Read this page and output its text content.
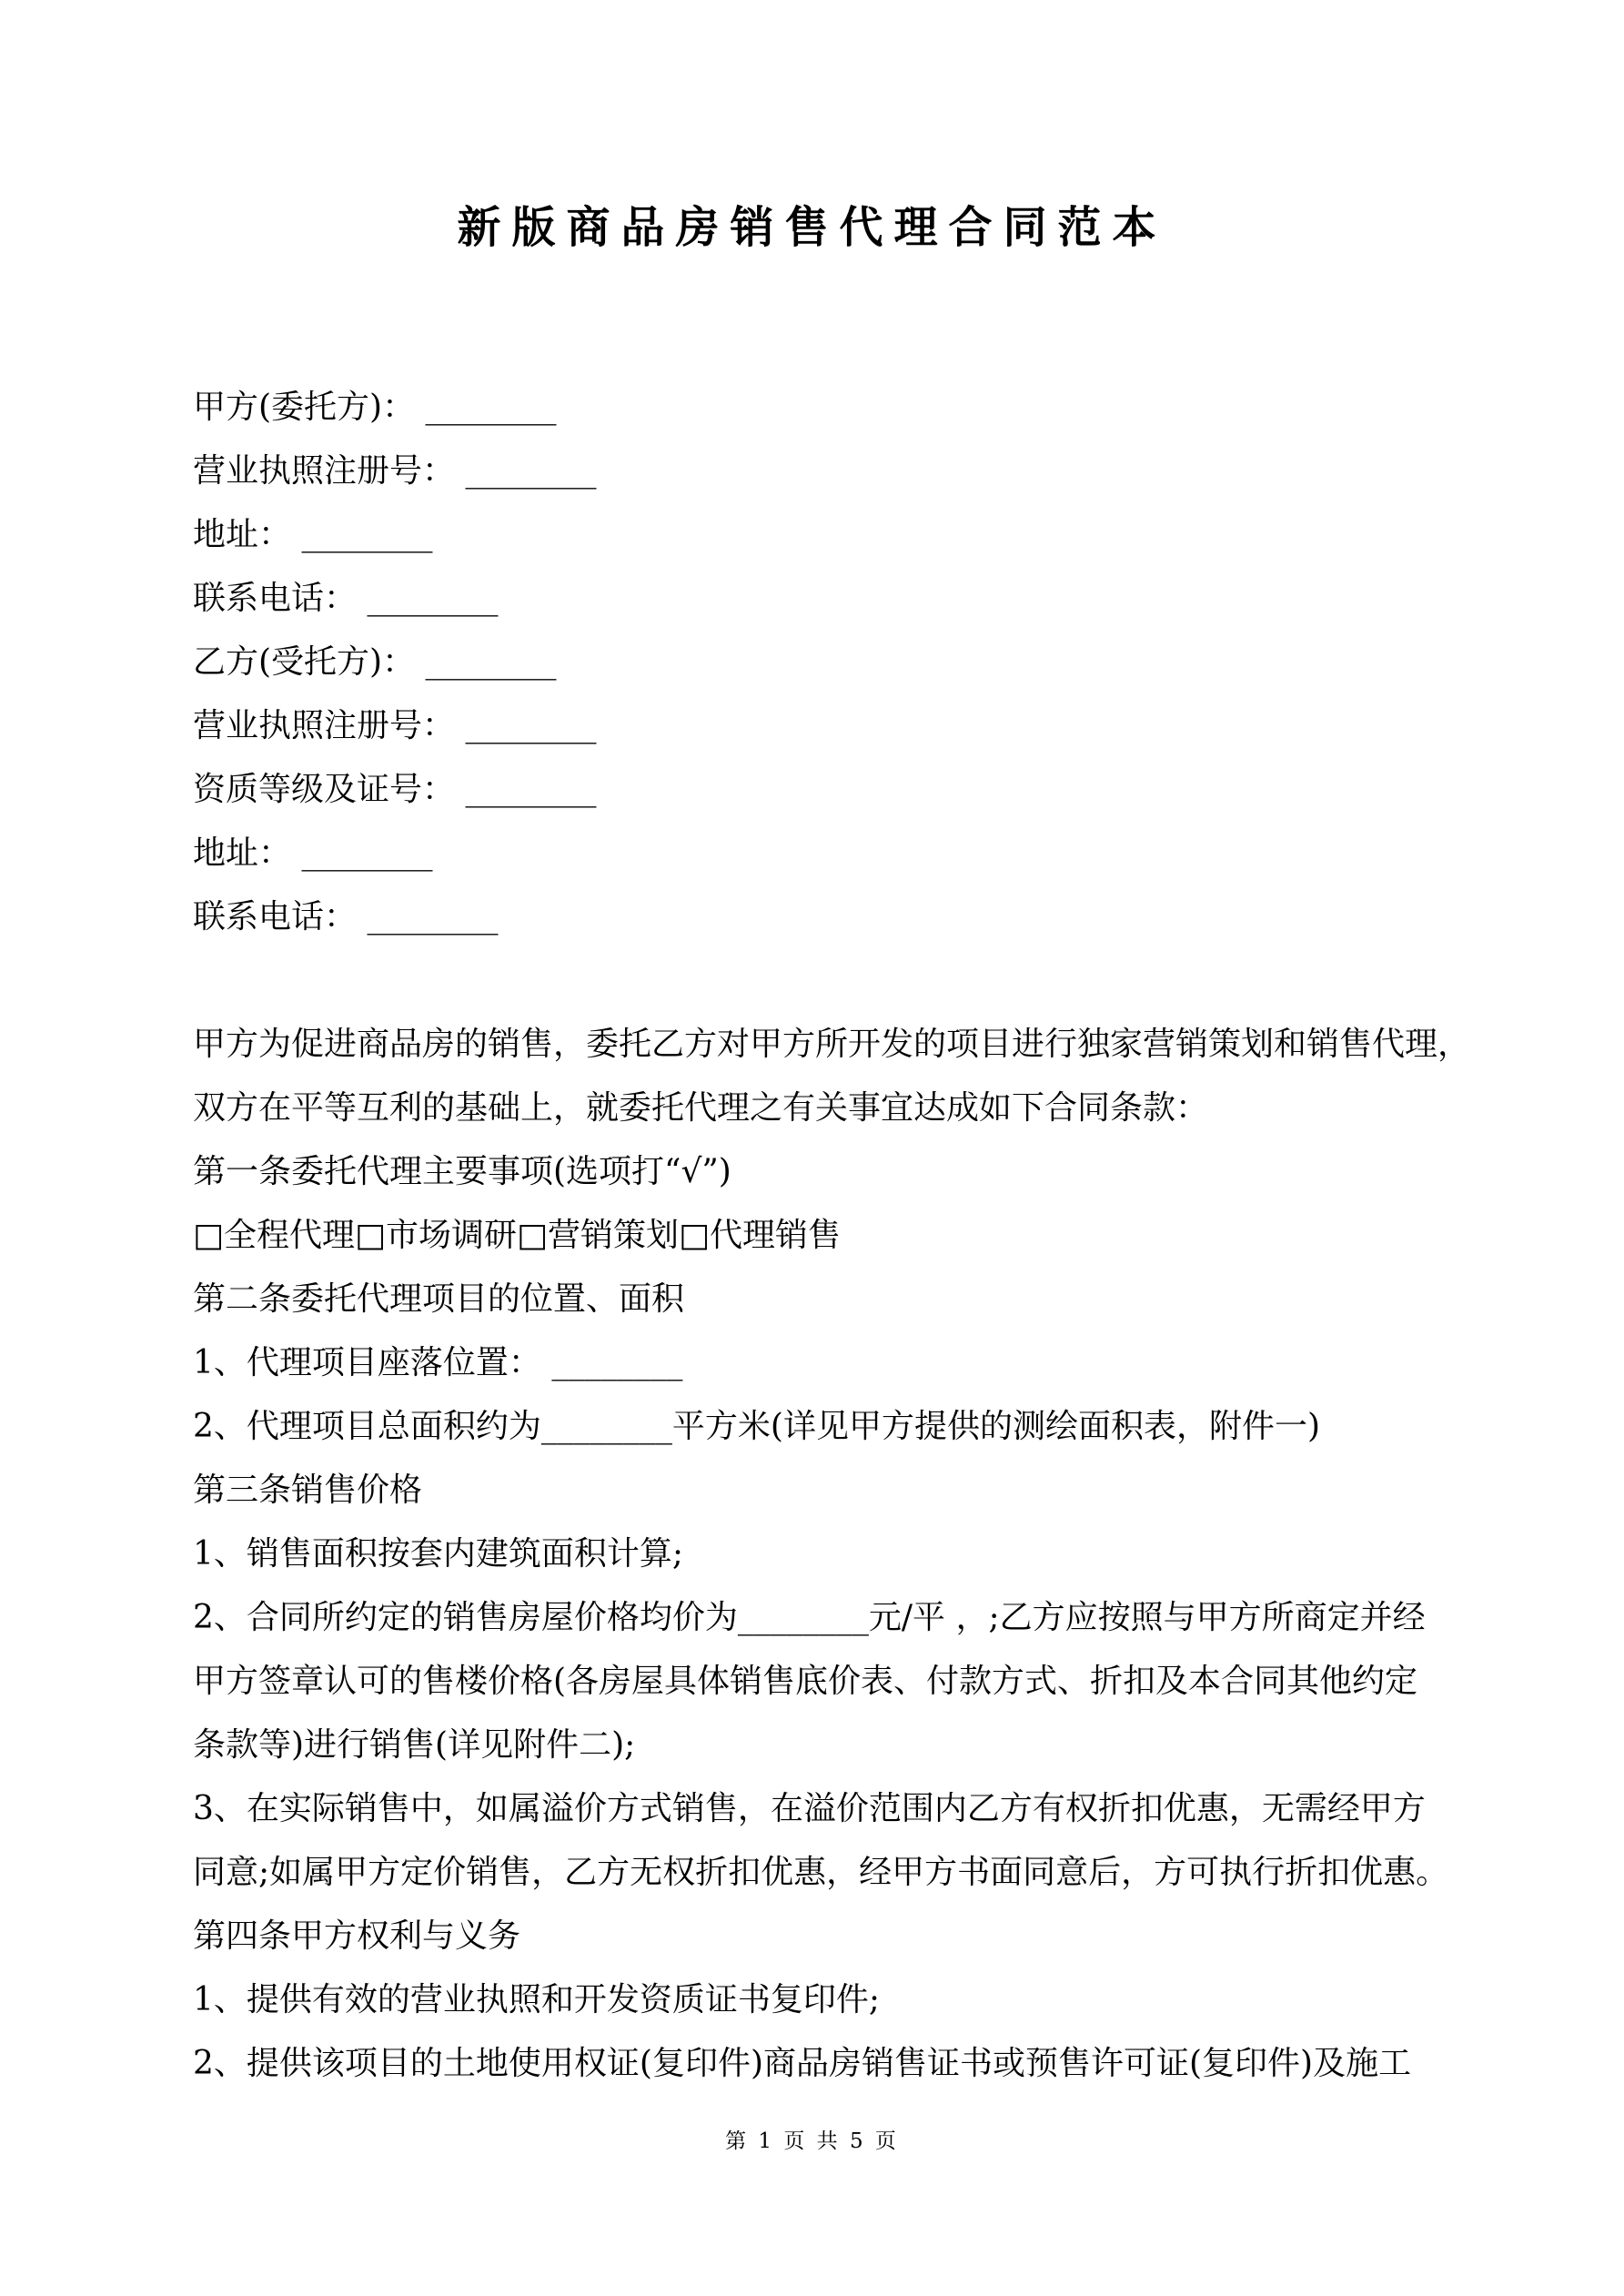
新版商品房销售代理合同范本
甲方(委托方)： ________
营业执照注册号： ________
地址： ________
联系电话： ________
乙方(受托方)： ________
营业执照注册号： ________
资质等级及证号： ________
地址： ________
联系电话： ________
甲方为促进商品房的销售，委托乙方对甲方所开发的项目进行独家营销策划和销售代理，
双方在平等互利的基础上，就委托代理之有关事宜达成如下合同条款：
第一条委托代理主要事项(选项打“√”)
□全程代理□市场调研□营销策划□代理销售
第二条委托代理项目的位置、面积
1、代理项目座落位置： ________
2、代理项目总面积约为________平方米(详见甲方提供的测绘面积表，附件一)
第三条销售价格
1、销售面积按套内建筑面积计算;
2、合同所约定的销售房屋价格均价为________元/平 ，;乙方应按照与甲方所商定并经
甲方签章认可的售楼价格(各房屋具体销售底价表、付款方式、折扣及本合同其他约定
条款等)进行销售(详见附件二);
3、在实际销售中，如属溢价方式销售，在溢价范围内乙方有权折扣优惠，无需经甲方
同意;如属甲方定价销售，乙方无权折扣优惠，经甲方书面同意后，方可执行折扣优惠。
第四条甲方权利与义务
1、提供有效的营业执照和开发资质证书复印件;
2、提供该项目的土地使用权证(复印件)商品房销售证书或预售许可证(复印件)及施工
第 1 页 共 5 页
